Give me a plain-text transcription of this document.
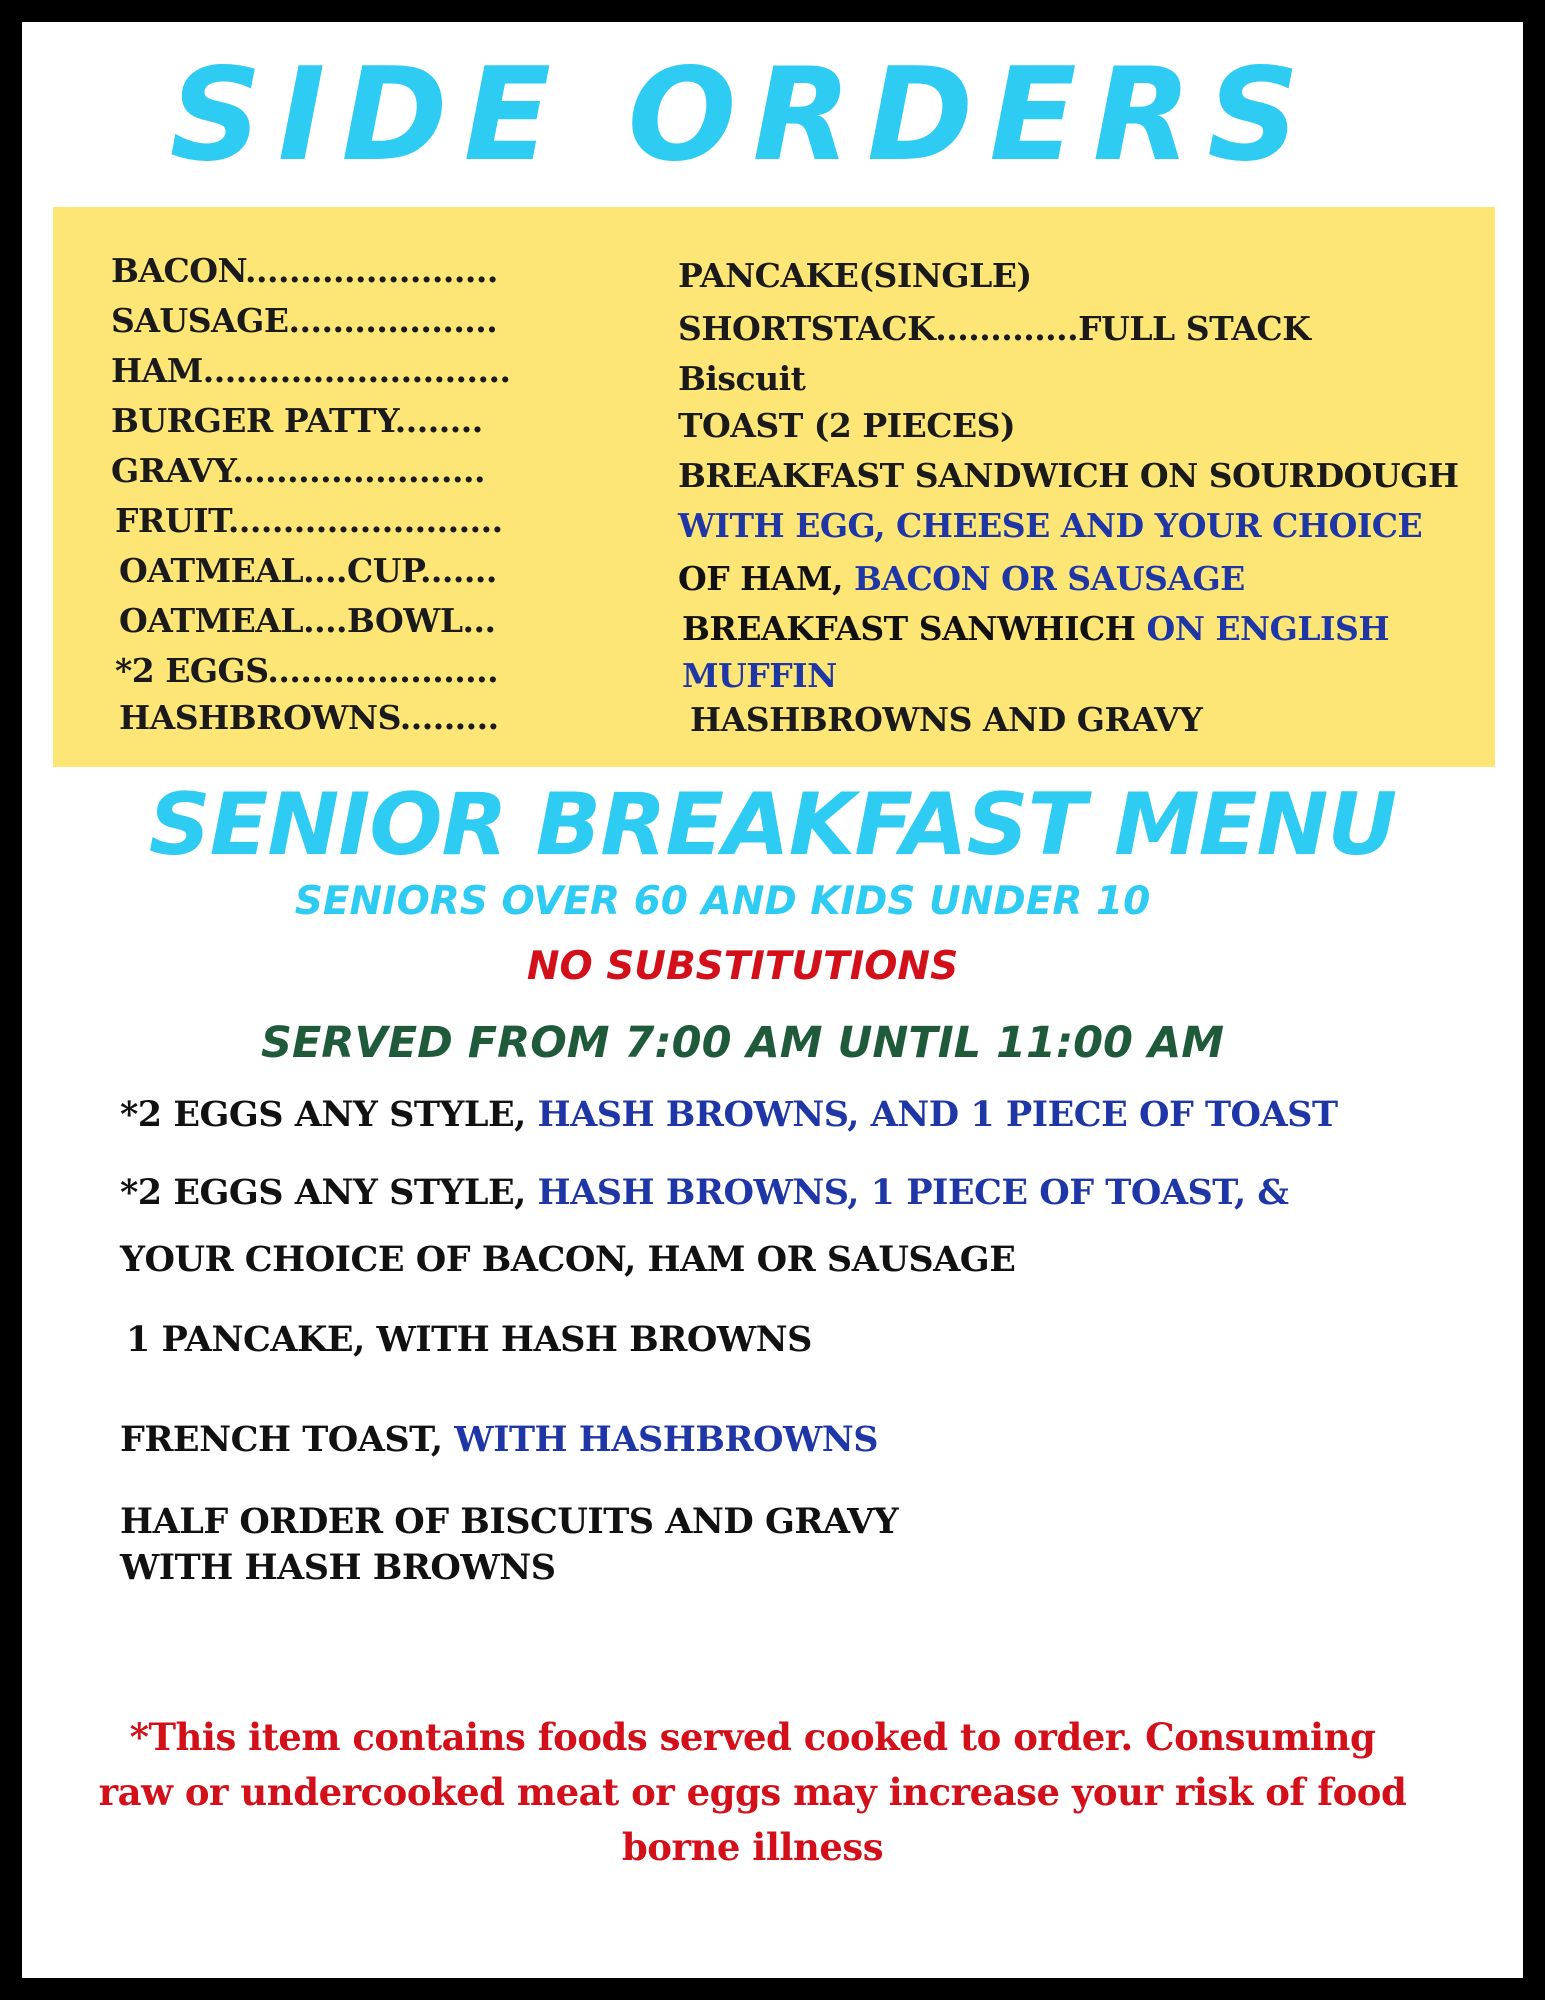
SIDE ORDERS
BACON.......................
SAUSAGE...................
HAM............................
BURGER PATTY........
GRAVY.......................
FRUIT.........................
OATMEAL....CUP.......
OATMEAL....BOWL...
*2 EGGS.....................
HASHBROWNS.........
PANCAKE(SINGLE)
SHORTSTACK.............FULL STACK
Biscuit
TOAST (2 PIECES)
BREAKFAST SANDWICH ON SOURDOUGH
WITH EGG, CHEESE AND YOUR CHOICE
OF HAM, BACON OR SAUSAGE
BREAKFAST SANWHICH ON ENGLISH
MUFFIN
HASHBROWNS AND GRAVY
SENIOR BREAKFAST MENU
SENIORS OVER 60 AND KIDS UNDER 10
NO SUBSTITUTIONS
SERVED FROM 7:00 AM UNTIL 11:00 AM
*2 EGGS ANY STYLE, HASH BROWNS, AND 1 PIECE OF TOAST
*2 EGGS ANY STYLE, HASH BROWNS, 1 PIECE OF TOAST, &
YOUR CHOICE OF BACON, HAM OR SAUSAGE
1 PANCAKE, WITH HASH BROWNS
FRENCH TOAST, WITH HASHBROWNS
HALF ORDER OF BISCUITS AND GRAVY
WITH HASH BROWNS
*This item contains foods served cooked to order. Consuming
raw or undercooked meat or eggs may increase your risk of food
borne illness
